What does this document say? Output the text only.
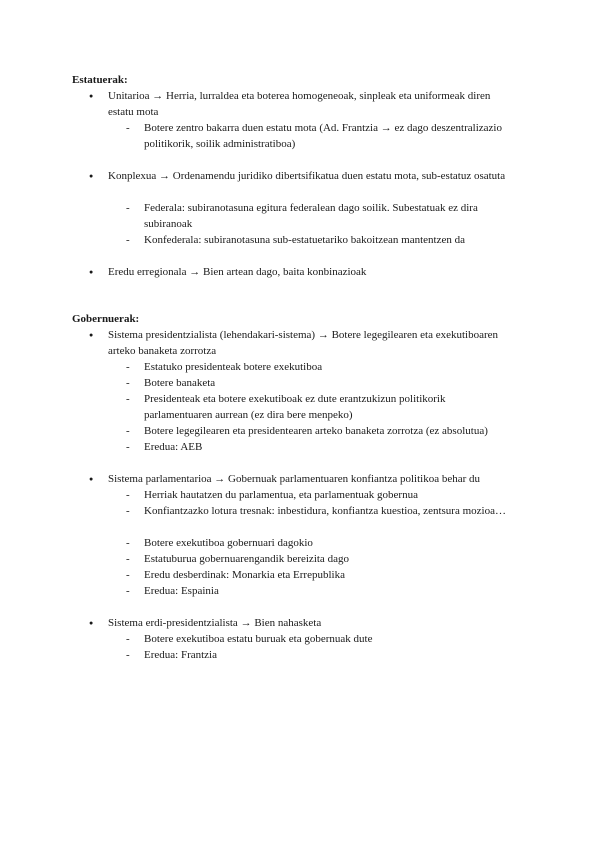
Estatuerak:
● Unitarioa → Herria, lurraldea eta boterea homogeneoak, sinpleak eta uniformeak diren estatu mota
- Botere zentro bakarra duen estatu mota (Ad. Frantzia → ez dago deszentralizazio politikorik, soilik administratiboa)
● Konplexua → Ordenamendu juridiko dibertsifikatua duen estatu mota, sub-estatuz osatuta
- Federala: subiranotasuna egitura federalean dago soilik. Subestatuak ez dira subiranoak
- Konfederala: subiranotasuna sub-estatuetariko bakoitzean mantentzen da
● Eredu erregionala → Bien artean dago, baita konbinazioak
Gobernuerak:
● Sistema presidentzialista (lehendakari-sistema) → Botere legegilearen eta exekutiboaren arteko banaketa zorrotza
- Estatuko presidenteak botere exekutiboa
- Botere banaketa
- Presidenteak eta botere exekutiboak ez dute erantzukizun politikorik parlamentuaren aurrean (ez dira bere menpeko)
- Botere legegilearen eta presidentearen arteko banaketa zorrotza (ez absolutua)
- Eredua: AEB
● Sistema parlamentarioa → Gobernuak parlamentuaren konfiantza politikoa behar du
- Herriak hautatzen du parlamentua, eta parlamentuak gobernua
- Konfiantzazko lotura tresnak: inbestidura, konfiantza kuestioa, zentsura mozioa…
- Botere exekutiboa gobernuari dagokio
- Estatuburua gobernuarengandik bereizita dago
- Eredu desberdinak: Monarkia eta Errepublika
- Eredua: Espainia
● Sistema erdi-presidentzialista → Bien nahasketa
- Botere exekutiboa estatu buruak eta gobernuak dute
- Eredua: Frantzia
